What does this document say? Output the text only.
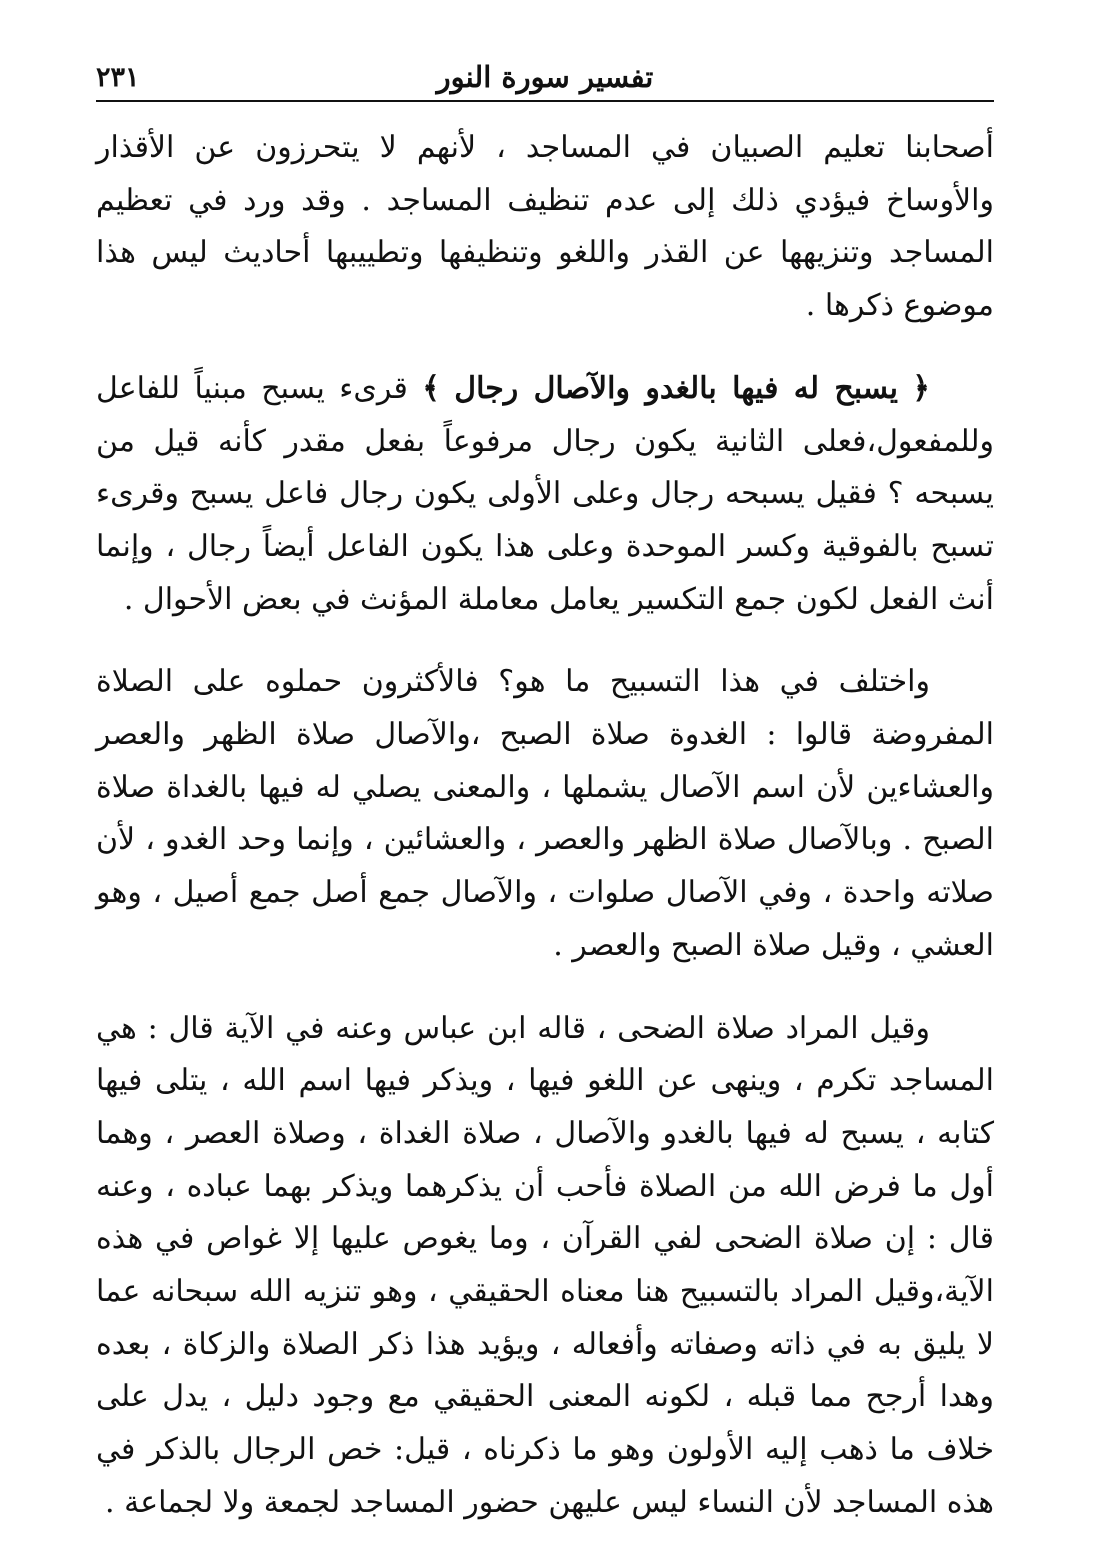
٢٣١	تفسير سورة النور

أصحابنا تعليم الصبيان في المساجد ، لأنهم لا يتحرزون عن الأقذار والأوساخ فيؤدي ذلك إلى عدم تنظيف المساجد . وقد ورد في تعظيم المساجد وتنزيهها عن القذر واللغو وتنظيفها وتطييبها أحاديث ليس هذا موضوع ذكرها .

﴿ يسبح له فيها بالغدو والآصال رجال ﴾ قرىء يسبح مبنياً للفاعل وللمفعول،فعلى الثانية يكون رجال مرفوعاً بفعل مقدر كأنه قيل من يسبحه ؟ فقيل يسبحه رجال وعلى الأولى يكون رجال فاعل يسبح وقرىء تسبح بالفوقية وكسر الموحدة وعلى هذا يكون الفاعل أيضاً رجال ، وإنما أنث الفعل لكون جمع التكسير يعامل معاملة المؤنث في بعض الأحوال .

واختلف في هذا التسبيح ما هو؟ فالأكثرون حملوه على الصلاة المفروضة قالوا : الغدوة صلاة الصبح ،والآصال صلاة الظهر والعصر والعشاءين لأن اسم الآصال يشملها ، والمعنى يصلي له فيها بالغداة صلاة الصبح . وبالآصال صلاة الظهر والعصر ، والعشائين ، وإنما وحد الغدو ، لأن صلاته واحدة ، وفي الآصال صلوات ، والآصال جمع أصل جمع أصيل ، وهو العشي ، وقيل صلاة الصبح والعصر .

وقيل المراد صلاة الضحى ، قاله ابن عباس وعنه في الآية قال : هي المساجد تكرم ، وينهى عن اللغو فيها ، ويذكر فيها اسم الله ، يتلى فيها كتابه ، يسبح له فيها بالغدو والآصال ، صلاة الغداة ، وصلاة العصر ، وهما أول ما فرض الله من الصلاة فأحب أن يذكرهما ويذكر بهما عباده ، وعنه قال : إن صلاة الضحى لفي القرآن ، وما يغوص عليها إلا غواص في هذه الآية،وقيل المراد بالتسبيح هنا معناه الحقيقي ، وهو تنزيه الله سبحانه عما لا يليق به في ذاته وصفاته وأفعاله ، ويؤيد هذا ذكر الصلاة والزكاة ، بعده وهدا أرجح مما قبله ، لكونه المعنى الحقيقي مع وجود دليل ، يدل على خلاف ما ذهب إليه الأولون وهو ما ذكرناه ، قيل: خص الرجال بالذكر في هذه المساجد لأن النساء ليس عليهن حضور المساجد لجمعة ولا لجماعة .
